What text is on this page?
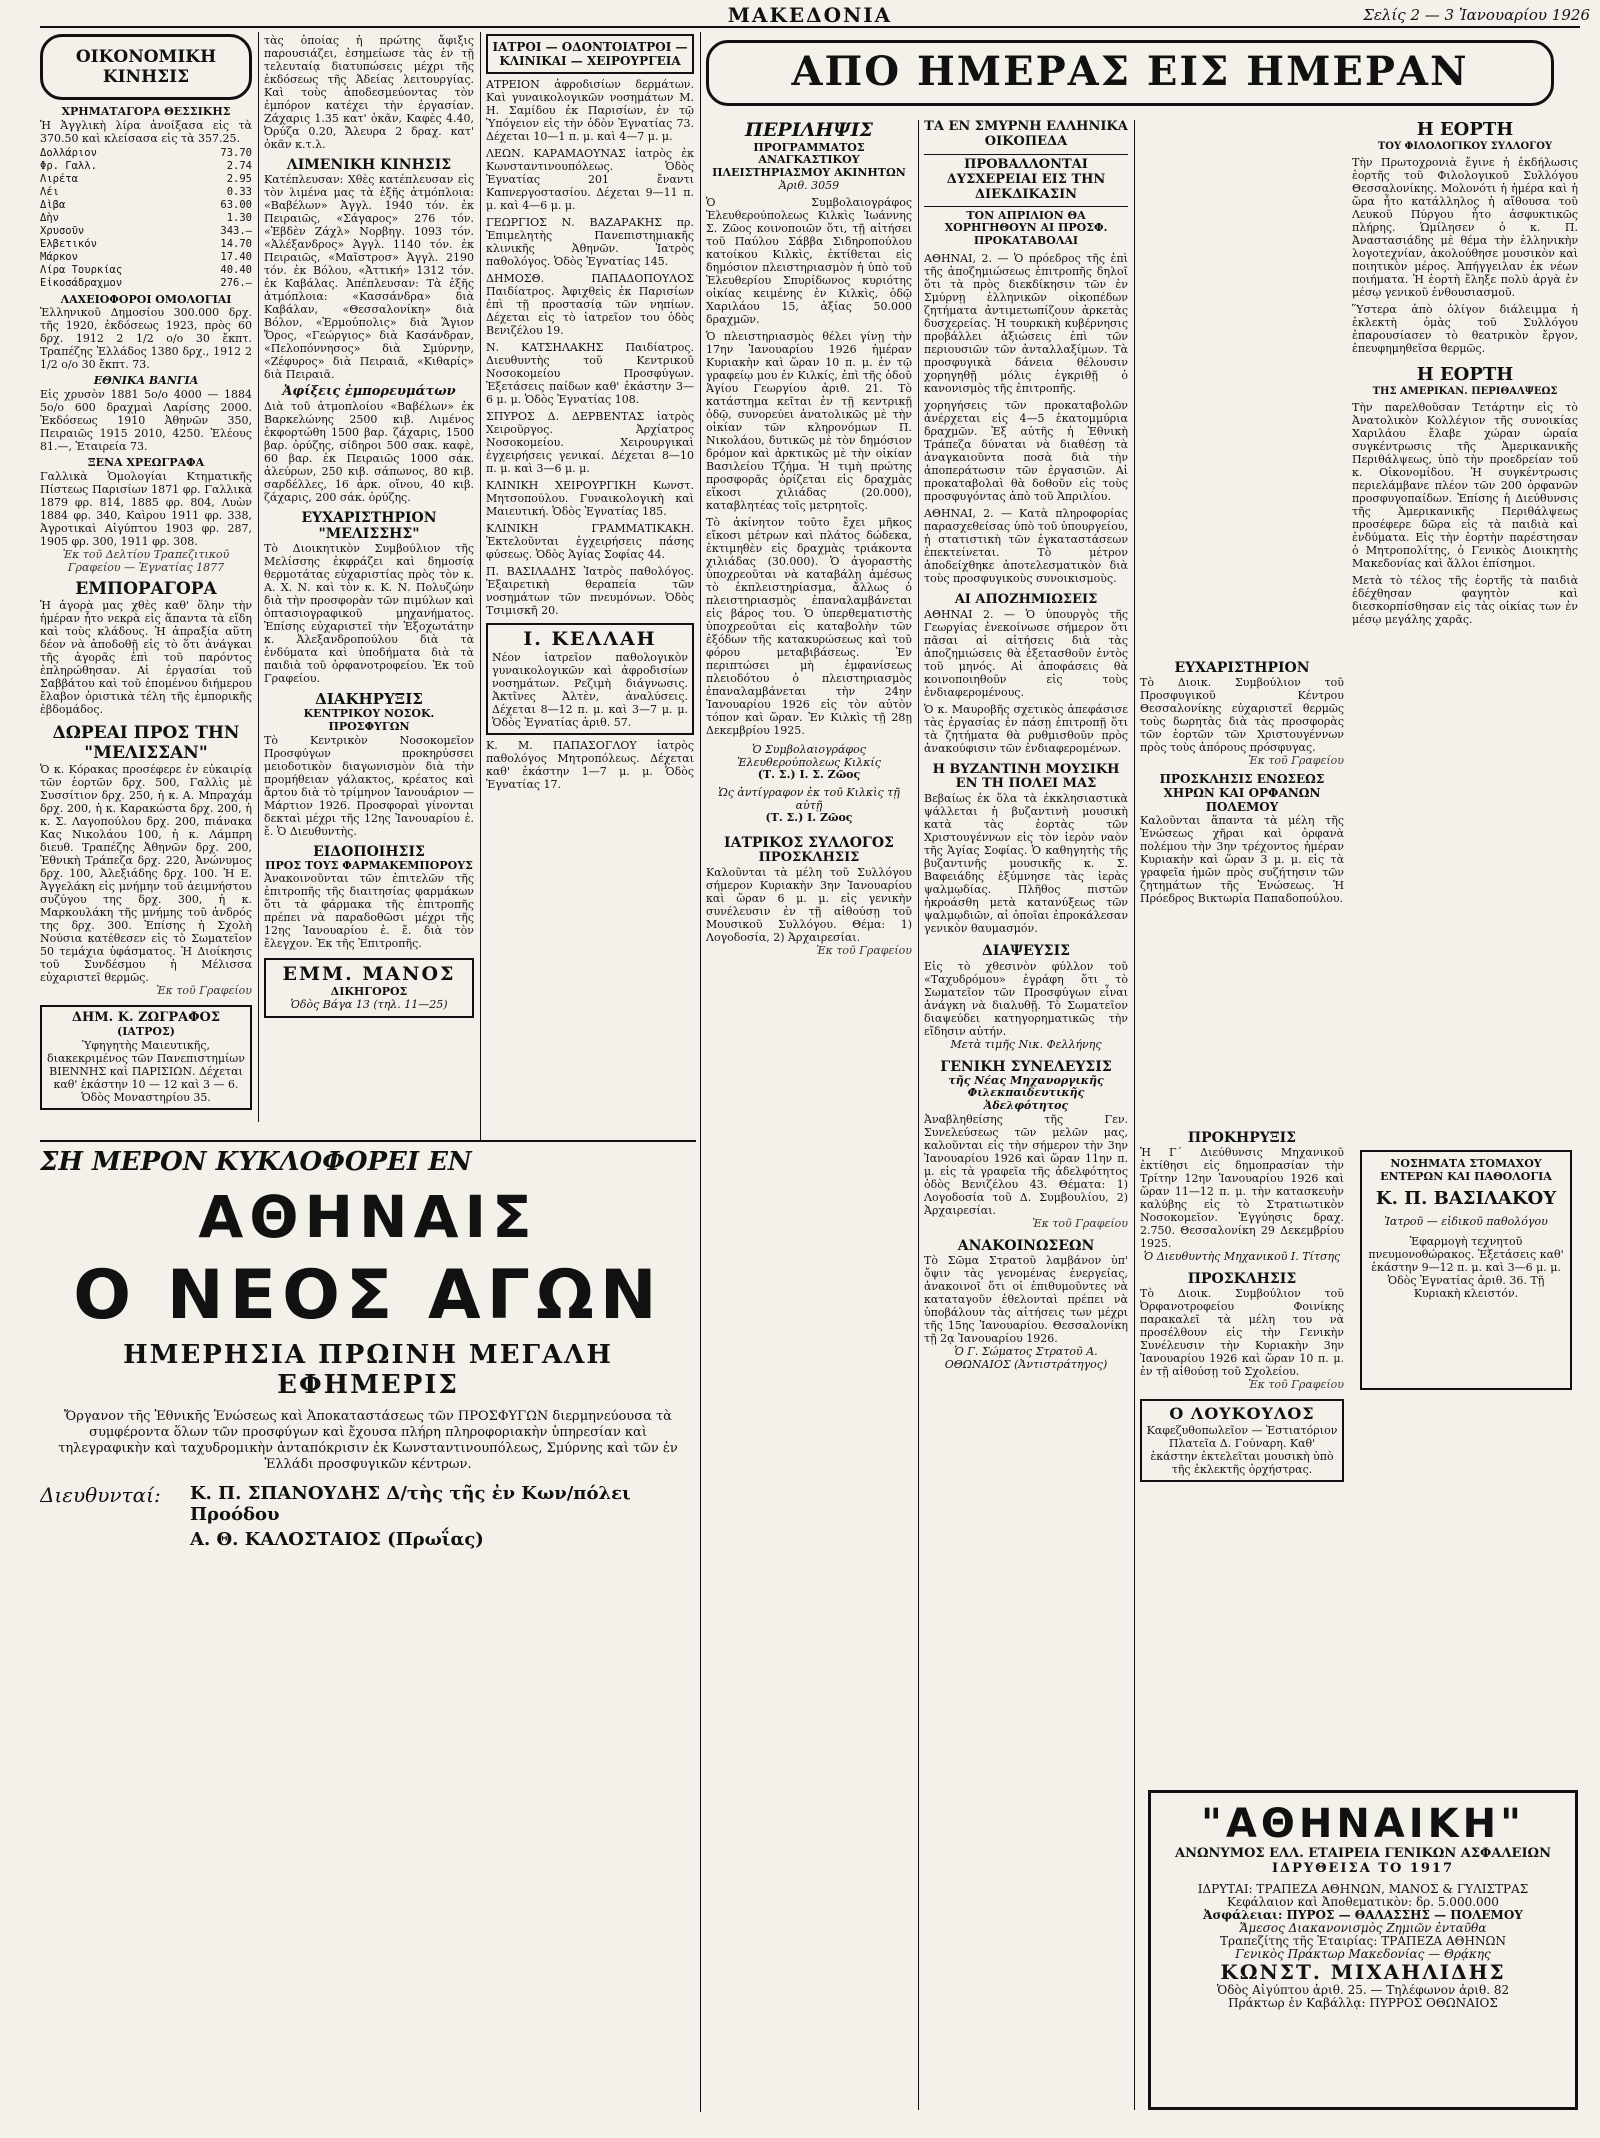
ΜΑΚΕΔΟΝΙΑ	Σελίς 2 — 3 Ἰανουαρίου 1926
ΟΙΚΟΝΟΜΙΚΗ ΚΙΝΗΣΙΣ
ΧΡΗΜΑΤΑΓΟΡΑ ΘΕΣΣΙΚΗΣ
Ἡ Ἀγγλικὴ λίρα ἀνοίξασα εἰς τὰ 370.50 καὶ κλείσασα εἰς τὰ 357.25.
Δολλάριον	73.70
Φρ. Γαλλ.	2.74
Λιρέτα	2.95
Λέι	0.33
Δὶβα	63.00
Δὴν	1.30
Χρυσοῦν	343.—
Ἑλβετικόν	14.70
Μάρκον	17.40
Λίρα Τουρκίας	40.40
Εἰκοσάδραχμον	276.—
ΛΑΧΕΙΟΦΟΡΟΙ ΟΜΟΛΟΓΙΑΙ
Ἑλληνικοῦ Δημοσίου 300.000 δρχ. τῆς 1920, ἐκδόσεως 1923, πρὸς 60 δρχ. 1912 2 1/2 ο/ο 30 ἔκπτ. Τραπέζης Ἑλλάδος 1380 δρχ., 1912 2 1/2 ο/ο 30 ἔκπτ. 73.
ΕΘΝΙΚΑ ΒΑΝΓΙΑ
Εἰς χρυσὸν 1881 5ο/ο 4000 — 1884 5ο/ο 600 δραχμαὶ Λαρίσης 2000. Ἐκδόσεως 1910 Ἀθηνῶν 350, Πειραιῶς 1915 2010, 4250. Ἐλέους 81.—, Ἑταιρεία 73.
ΞΕΝΑ ΧΡΕΩΓΡΑΦΑ
Γαλλικὰ Ὁμολογίαι Κτηματικῆς Πίστεως Παρισίων 1871 φρ. Γαλλικὰ 1879 φρ. 814, 1885 φρ. 804, Λυὼν 1884 φρ. 340, Καὶρου 1911 φρ. 338, Ἀγροτικαὶ Αἰγύπτου 1903 φρ. 287, 1905 φρ. 300, 1911 φρ. 308.
Ἐκ τοῦ Δελτίου Τραπεζιτικοῦ Γραφείου — Ἐγνατίας 1877
ΕΜΠΟΡΑΓΟΡΑ
Ἡ ἀγορὰ μας χθὲς καθ' ὅλην τὴν ἡμέραν ἦτο νεκρὰ εἰς ἅπαντα τὰ εἴδη καὶ τοὺς κλάδους. Ἡ ἀπραξία αὕτη δέον νὰ ἀποδοθῇ εἰς τὸ ὅτι ἀνάγκαι τῆς ἀγορᾶς ἐπὶ τοῦ παρόντος ἐπληρώθησαν. Αἱ ἐργασίαι τοῦ Σαββάτου καὶ τοῦ ἐπομένου διήμερου ἔλαβον ὁριστικὰ τέλη τῆς ἐμπορικῆς ἐβδομάδος.
ΔΩΡΕΑΙ ΠΡΟΣ ΤΗΝ "ΜΕΛΙΣΣΑΝ"
Ὁ κ. Κόρακας προσέφερε ἐν εὐκαιρίᾳ τῶν ἑορτῶν δρχ. 500, Γαλλὶς μὲ Συσσίτιον δρχ. 250, ἡ κ. Α. Μπραχάμ δρχ. 200, ἡ κ. Καρακώστα δρχ. 200, ἡ κ. Σ. Λαγοπούλου δρχ. 200, πιάνακα Κας Νικολάου 100, ἡ κ. Λάμπρη διευθ. Τραπέζης Ἀθηνῶν δρχ. 200, Ἐθνικὴ Τράπεζα δρχ. 220, Ἀνώνυμος δρχ. 100, Ἀλεξιάδης δρχ. 100. Ἡ Ε. Ἀγγελάκη εἰς μνήμην τοῦ ἀειμνήστου συζύγου της δρχ. 300, ἡ κ. Μαρκουλάκη τῆς μνήμης τοῦ ἀνδρός της δρχ. 300. Ἐπίσης ἡ Σχολὴ Νούσια κατέθεσεν εἰς τὸ Σωματεῖον 50 τεμάχια ὑφάσματος. Ἡ Διοίκησις τοῦ Συνδέσμου ἡ Μέλισσα εὐχαριστεῖ θερμῶς.
Ἐκ τοῦ Γραφείου
ΔΗΜ. Κ. ΖΩΓΡΑΦΟΣ
(ΙΑΤΡΟΣ)
Ὑφηγητὴς Μαιευτικῆς, διακεκριμένος τῶν Πανεπιστημίων ΒΙΕΝΝΗΣ καὶ ΠΑΡΙΣΙΩΝ. Δέχεται καθ' ἑκάστην 10 — 12 καὶ 3 — 6. Ὁδὸς Μοναστηρίου 35.
τὰς ὁποίας ἡ πρώτης ἄφιξις παρουσιάζει, ἐσημείωσε τὰς ἐν τῇ τελευταίᾳ διατυπώσεις μέχρι τῆς ἐκδόσεως τῆς Ἀδείας λειτουργίας. Καὶ τοὺς ἀποδεσμεύοντας τὸν ἐμπόρον κατέχει τὴν ἐργασίαν. Ζάχαρις 1.35 κατ' ὀκᾶν, Καφὲς 4.40, Ὀρύζα 0.20, Ἄλευρα 2 δραχ. κατ' ὀκᾶν κ.τ.λ.
ΛΙΜΕΝΙΚΗ ΚΙΝΗΣΙΣ
Κατέπλευσαν: Χθὲς κατέπλευσαν εἰς τὸν λιμένα μας τὰ ἑξῆς ἀτμόπλοια: «Βαβέλων» Ἀγγλ. 1940 τόν. ἐκ Πειραιῶς, «Σάγαρος» 276 τόν. «Ἐβδὲν Ζάχλ» Νορβηγ. 1093 τόν. «Ἀλέξανδρος» Ἀγγλ. 1140 τόν. ἐκ Πειραιῶς, «Μαῖστροσ» Ἀγγλ. 2190 τόν. ἐκ Βόλου, «Ἀττική» 1312 τόν. ἐκ Καβάλας. Ἀπέπλευσαν: Τὰ ἑξῆς ἀτμόπλοια: «Κασσάνδρα» διὰ Καβάλαν, «Θεσσαλονίκη» διὰ Βόλον, «Ἑρμούπολις» διὰ Ἅγιον Ὄρος, «Γεώργιος» διὰ Κασάνδραν, «Πελοπόννησος» διὰ Σμύρνην, «Ζέφυρος» διὰ Πειραιᾶ, «Κιθαρίς» διὰ Πειραιᾶ.
Ἀφίξεις ἐμπορευμάτων
Διὰ τοῦ ἀτμοπλοίου «Βαβέλων» ἐκ Βαρκελώνης 2500 κιβ. Λιμένος ἐκφορτώθη 1500 βαρ. ζάχαρις, 1500 βαρ. ὀρύζης, σίδηροι 500 σακ. καφὲ, 60 βαρ. ἐκ Πειραιῶς 1000 σάκ. ἀλεύρων, 250 κιβ. σάπωνος, 80 κιβ. σαρδέλλες, 16 ἀρκ. οἴνου, 40 κιβ. ζάχαρις, 200 σάκ. ὀρύζης.
ΕΥΧΑΡΙΣΤΗΡΙΟΝ "ΜΕΛΙΣΣΗΣ"
Τὸ Διοικητικὸν Συμβούλιον τῆς Μελίσσης ἐκφράζει καὶ δημοσίᾳ θερμοτάτας εὐχαριστίας πρὸς τὸν κ. Α. Χ. Ν. καὶ τὸν κ. Κ. Ν. Πολυζώην διὰ τὴν προσφορὰν τῶν πιμύλων καὶ ὀπτασιογραφικοῦ μηχανήματος. Ἐπίσης εὐχαριστεῖ τὴν Ἐξοχωτάτην κ. Ἀλεξανδροπούλου διὰ τὰ ἐνδύματα καὶ ὑποδήματα διὰ τὰ παιδιὰ τοῦ ὀρφανοτροφείου. Ἐκ τοῦ Γραφείου.
ΔΙΑΚΗΡΥΞΙΣ
ΚΕΝΤΡΙΚΟΥ ΝΟΣΟΚ. ΠΡΟΣΦΥΓΩΝ
Τὸ Κεντρικὸν Νοσοκομεῖον Προσφύγων προκηρύσσει μειοδοτικὸν διαγωνισμὸν διὰ τὴν προμήθειαν γάλακτος, κρέατος καὶ ἄρτου διὰ τὸ τρίμηνον Ἰανουάριον — Μάρτιον 1926. Προσφοραὶ γίνονται δεκταὶ μέχρι τῆς 12ης Ἰανουαρίου ἐ. ἔ. Ὁ Διευθυντὴς.
ΕΙΔΟΠΟΙΗΣΙΣ
ΠΡΟΣ ΤΟΥΣ ΦΑΡΜΑΚΕΜΠΟΡΟΥΣ
Ἀνακοινοῦνται τῶν ἐπιτελῶν τῆς ἐπιτροπῆς τῆς διαιτησίας φαρμάκων ὅτι τὰ φάρμακα τῆς ἐπιτροπῆς πρέπει νὰ παραδοθῶσι μέχρι τῆς 12ης Ἰανουαρίου ἐ. ἔ. διὰ τὸν ἔλεγχον. Ἐκ τῆς Ἐπιτροπῆς.
ΕΜΜ. ΜΑΝΟΣ
ΔΙΚΗΓΟΡΟΣ
Ὁδὸς Βάγα 13 (τηλ. 11—25)
ΙΑΤΡΟΙ — ΟΔΟΝΤΟΙΑΤΡΟΙ — ΚΛΙΝΙΚΑΙ — ΧΕΙΡΟΥΡΓΕΙΑ
ΑΤΡΕΙΟΝ ἀφροδισίων δερμάτων. Καὶ γυναικολογικῶν νοσημάτων Μ. Η. Σαμίδου ἐκ Παρισίων, ἐν τῷ Ὑπόγειον εἰς τὴν ὁδὸν Ἐγνατίας 73. Δέχεται 10—1 π. μ. καὶ 4—7 μ. μ.
ΛΕΩΝ. ΚΑΡΑΜΑΟΥΝΑΣ ἰατρὸς ἐκ Κωνσταντινουπόλεως. Ὁδὸς Ἐγνατίας 201 ἔναντι Καπνεργοστασίου. Δέχεται 9—11 π. μ. καὶ 4—6 μ. μ.
ΓΕΩΡΓΙΟΣ Ν. ΒΑΖΑΡΑΚΗΣ πρ. Ἐπιμελητὴς Πανεπιστημιακῆς κλινικῆς Ἀθηνῶν. Ἰατρὸς παθολόγος. Ὁδὸς Ἐγνατίας 145.
ΔΗΜΟΣΘ. ΠΑΠΑΔΟΠΟΥΛΟΣ Παιδίατρος. Ἀφιχθεὶς ἐκ Παρισίων ἐπὶ τῇ προστασίᾳ τῶν νηπίων. Δέχεται εἰς τὸ ἰατρεῖον του ὁδὸς Βενιζέλου 19.
Ν. ΚΑΤΣΗΛΑΚΗΣ Παιδίατρος. Διευθυντὴς τοῦ Κεντρικοῦ Νοσοκομείου Προσφύγων. Ἐξετάσεις παίδων καθ' ἑκάστην 3—6 μ. μ. Ὁδὸς Ἐγνατίας 108.
ΣΠΥΡΟΣ Δ. ΔΕΡΒΕΝΤΑΣ ἰατρὸς Χειροῦργος. Ἀρχίατρος Νοσοκομείου. Χειρουργικαὶ ἐγχειρήσεις γενικαί. Δέχεται 8—10 π. μ. καὶ 3—6 μ. μ.
ΚΛΙΝΙΚΗ ΧΕΙΡΟΥΡΓΙΚΗ Κωνστ. Μητσοπούλου. Γυναικολογικὴ καὶ Μαιευτική. Ὁδὸς Ἐγνατίας 185.
ΚΛΙΝΙΚΗ ΓΡΑΜΜΑΤΙΚΑΚΗ. Ἐκτελοῦνται ἐγχειρήσεις πάσης φύσεως. Ὁδὸς Ἁγίας Σοφίας 44.
Π. ΒΑΣΙΛΑΔΗΣ Ἰατρὸς παθολόγος. Ἐξαιρετικὴ θεραπεία τῶν νοσημάτων τῶν πνευμόνων. Ὁδὸς Τσιμισκῆ 20.
Ι. ΚΕΛΛΑΗ
Νέον ἰατρεῖον παθολογικὸν γυναικολογικῶν καὶ ἀφροδισίων νοσημάτων. Ρεζιμὴ διάγνωσις. Ἀκτῖνες Ἀλτὲν, ἀναλύσεις. Δέχεται 8—12 π. μ. καὶ 3—7 μ. μ. Ὁδὸς Ἐγνατίας ἀριθ. 57.
Κ. Μ. ΠΑΠΑΣΟΓΛΟΥ ἰατρὸς παθολόγος Μητροπόλεως. Δέχεται καθ' ἑκάστην 1—7 μ. μ. Ὁδὸς Ἐγνατίας 17.
ΑΠΟ ΗΜΕΡΑΣ ΕΙΣ ΗΜΕΡΑΝ
ΠΕΡΙΛΗΨΙΣ
ΠΡΟΓΡΑΜΜΑΤΟΣ ΑΝΑΓΚΑΣΤΙΚΟΥ ΠΛΕΙΣΤΗΡΙΑΣΜΟΥ ΑΚΙΝΗΤΩΝ
Ἀριθ. 3059
Ὁ Συμβολαιογράφος Ἐλευθερούπολεως Κιλκὶς Ἰωάννης Σ. Ζῶος κοινοποιῶν ὅτι, τῇ αἰτήσει τοῦ Παύλου Σάββα Σιδηροπούλου κατοίκου Κιλκὶς, ἐκτίθεται εἰς δημόσιον πλειστηριασμὸν ἡ ὑπὸ τοῦ Ἐλευθερίου Σπυρίδωνος κυριότης οἰκίας κειμένης ἐν Κιλκὶς, ὁδῷ Χαριλάου 15, ἀξίας 50.000 δραχμῶν.
Ὁ πλειστηριασμὸς θέλει γίνῃ τὴν 17ην Ἰανουαρίου 1926 ἡμέραν Κυριακὴν καὶ ὥραν 10 π. μ. ἐν τῷ γραφείῳ μου ἐν Κιλκίς, ἐπὶ τῆς ὁδοῦ Ἁγίου Γεωργίου ἀριθ. 21. Τὸ κατάστημα κεῖται ἐν τῇ κεντρικῇ ὁδῷ, συνορεύει ἀνατολικῶς μὲ τὴν οἰκίαν τῶν κληρονόμων Π. Νικολάου, δυτικῶς μὲ τὸν δημόσιον δρόμον καὶ ἀρκτικῶς μὲ τὴν οἰκίαν Βασιλείου Τζήμα. Ἡ τιμὴ πρώτης προσφορᾶς ὁρίζεται εἰς δραχμὰς εἴκοσι χιλιάδας (20.000), καταβλητέας τοῖς μετρητοῖς.
Τὸ ἀκίνητον τοῦτο ἔχει μῆκος εἴκοσι μέτρων καὶ πλάτος δώδεκα, ἐκτιμηθὲν εἰς δραχμὰς τριάκοντα χιλιάδας (30.000). Ὁ ἀγοραστὴς ὑποχρεοῦται νὰ καταβάλῃ ἀμέσως τὸ ἐκπλειστηρίασμα, ἄλλως ὁ πλειστηριασμὸς ἐπαναλαμβάνεται εἰς βάρος του. Ὁ ὑπερθεματιστὴς ὑποχρεοῦται εἰς καταβολὴν τῶν ἐξόδων τῆς κατακυρώσεως καὶ τοῦ φόρου μεταβιβάσεως. Ἐν περιπτώσει μὴ ἐμφανίσεως πλειοδότου ὁ πλειστηριασμὸς ἐπαναλαμβάνεται τὴν 24ην Ἰανουαρίου 1926 εἰς τὸν αὐτὸν τόπον καὶ ὥραν. Ἐν Κιλκὶς τῇ 28ῃ Δεκεμβρίου 1925.
Ὁ Συμβολαιογράφος Ἐλευθερούπολεως Κιλκίς
(Τ. Σ.) Ι. Σ. Ζῶος
Ὡς ἀντίγραφον ἐκ τοῦ Κιλκὶς τῇ αὐτῇ
(Τ. Σ.) Ι. Ζῶος
ΙΑΤΡΙΚΟΣ ΣΥΛΛΟΓΟΣ
ΠΡΟΣΚΛΗΣΙΣ
Καλοῦνται τὰ μέλη τοῦ Συλλόγου σήμερον Κυριακὴν 3ην Ἰανουαρίου καὶ ὥραν 6 μ. μ. εἰς γενικὴν συνέλευσιν ἐν τῇ αἰθούσῃ τοῦ Μουσικοῦ Συλλόγου. Θέμα: 1) Λογοδοσία, 2) Ἀρχαιρεσίαι.
Ἐκ τοῦ Γραφείου
ΤΑ ΕΝ ΣΜΥΡΝΗ ΕΛΛΗΝΙΚΑ ΟΙΚΟΠΕΔΑ
ΠΡΟΒΑΛΛΟΝΤΑΙ ΔΥΣΧΕΡΕΙΑΙ ΕΙΣ ΤΗΝ ΔΙΕΚΔΙΚΑΣΙΝ
ΤΟΝ ΑΠΡΙΛΙΟΝ ΘΑ ΧΟΡΗΓΗΘΟΥΝ ΑΙ ΠΡΟΣΦ. ΠΡΟΚΑΤΑΒΟΛΑΙ
ΑΘΗΝΑΙ, 2. — Ὁ πρόεδρος τῆς ἐπὶ τῆς ἀποζημιώσεως ἐπιτροπῆς δηλοῖ ὅτι τὰ πρὸς διεκδίκησιν τῶν ἐν Σμύρνῃ ἑλληνικῶν οἰκοπέδων ζητήματα ἀντιμετωπίζουν ἀρκετὰς δυσχερείας. Ἡ τουρκικὴ κυβέρνησις προβάλλει ἀξιώσεις ἐπὶ τῶν περιουσιῶν τῶν ἀνταλλαξίμων. Τὰ προσφυγικὰ δάνεια θέλουσιν χορηγηθῇ μόλις ἐγκριθῇ ὁ κανονισμὸς τῆς ἐπιτροπῆς.
χορηγήσεις τῶν προκαταβολῶν ἀνέρχεται εἰς 4—5 ἑκατομμύρια δραχμῶν. Ἐξ αὐτῆς ἡ Ἐθνικὴ Τράπεζα δύναται νὰ διαθέσῃ τὰ ἀναγκαιοῦντα ποσὰ διὰ τὴν ἀποπεράτωσιν τῶν ἐργασιῶν. Αἱ προκαταβολαὶ θὰ δοθοῦν εἰς τοὺς προσφυγόντας ἀπὸ τοῦ Ἀπριλίου.
ΑΘΗΝΑΙ, 2. — Κατὰ πληροφορίας παρασχεθείσας ὑπὸ τοῦ ὑπουργείου, ἡ στατιστικὴ τῶν ἐγκαταστάσεων ἐπεκτείνεται. Τὸ μέτρον ἀποδείχθηκε ἀποτελεσματικὸν διὰ τοὺς προσφυγικοὺς συνοικισμοὺς.
ΑΙ ΑΠΟΖΗΜΙΩΣΕΙΣ
ΑΘΗΝΑΙ 2. — Ὁ ὑπουργὸς τῆς Γεωργίας ἐνεκοίνωσε σήμερον ὅτι πᾶσαι αἱ αἰτήσεις διὰ τὰς ἀποζημιώσεις θὰ ἐξετασθοῦν ἐντὸς τοῦ μηνός. Αἱ ἀποφάσεις θὰ κοινοποιηθοῦν εἰς τοὺς ἐνδιαφερομένους.
Ὁ κ. Μαυροβῆς σχετικὸς ἀπεφάσισε τὰς ἐργασίας ἐν πάσῃ ἐπιτροπῇ ὅτι τὰ ζητήματα θὰ ρυθμισθοῦν πρὸς ἀνακούφισιν τῶν ἐνδιαφερομένων.
Η ΒΥΖΑΝΤΙΝΗ ΜΟΥΣΙΚΗ ΕΝ ΤΗ ΠΟΛΕΙ ΜΑΣ
Βεβαίως ἐκ ὅλα τὰ ἐκκλησιαστικὰ ψάλλεται ἡ βυζαντινὴ μουσικὴ κατὰ τὰς ἑορτὰς τῶν Χριστουγέννων εἰς τὸν ἱερὸν ναὸν τῆς Ἁγίας Σοφίας. Ὁ καθηγητὴς τῆς βυζαντινῆς μουσικῆς κ. Σ. Βαφειάδης ἐξύμνησε τὰς ἱερὰς ψαλμῳδίας. Πλῆθος πιστῶν ἠκροάσθη μετὰ κατανύξεως τῶν ψαλμῳδιῶν, αἱ ὁποῖαι ἐπροκάλεσαν γενικὸν θαυμασμόν.
ΔΙΑΨΕΥΣΙΣ
Εἰς τὸ χθεσινὸν φύλλον τοῦ «Ταχυδρόμου» ἐγράφη ὅτι τὸ Σωματεῖον τῶν Προσφύγων εἶναι ἀνάγκη νὰ διαλυθῇ. Τὸ Σωματεῖον διαψεύδει κατηγορηματικῶς τὴν εἴδησιν αὐτήν.
Μετὰ τιμῆς Νικ. Φελλήνης
ΓΕΝΙΚΗ ΣΥΝΕΛΕΥΣΙΣ
τῆς Νέας Μηχανοργικῆς Φιλεκπαιδευτικῆς Ἀδελφότητος
Ἀναβληθείσης τῆς Γεν. Συνελεύσεως τῶν μελῶν μας, καλοῦνται εἰς τὴν σήμερον τὴν 3ην Ἰανουαρίου 1926 καὶ ὥραν 11ην π. μ. εἰς τὰ γραφεῖα τῆς ἀδελφότητος ὁδὸς Βενιζέλου 43. Θέματα: 1) Λογοδοσία τοῦ Δ. Συμβουλίου, 2) Ἀρχαιρεσίαι.
Ἐκ τοῦ Γραφείου
ΑΝΑΚΟΙΝΩΣΕΩΝ
Τὸ Σῶμα Στρατοῦ λαμβάνον ὑπ' ὄψιν τὰς γενομένας ἐνεργείας, ἀνακοινοῖ ὅτι οἱ ἐπιθυμοῦντες νὰ καταταγοῦν ἐθελονταὶ πρέπει νὰ ὑποβάλουν τὰς αἰτήσεις των μέχρι τῆς 15ης Ἰανουαρίου. Θεσσαλονίκη τῇ 2ᾳ Ἰανουαρίου 1926.
Ὁ Γ. Σώματος Στρατοῦ Α. ΟΘΩΝΑΙΟΣ (Ἀντιστράτηγος)
ΕΥΧΑΡΙΣΤΗΡΙΟΝ
Τὸ Διοικ. Συμβούλιον τοῦ Προσφυγικοῦ Κέντρου Θεσσαλονίκης εὐχαριστεῖ θερμῶς τοὺς δωρητὰς διὰ τὰς προσφορὰς τῶν ἑορτῶν τῶν Χριστουγέννων πρὸς τοὺς ἀπόρους πρόσφυγας.
Ἐκ τοῦ Γραφείου
ΠΡΟΣΚΛΗΣΙΣ ΕΝΩΣΕΩΣ ΧΗΡΩΝ ΚΑΙ ΟΡΦΑΝΩΝ ΠΟΛΕΜΟΥ
Καλοῦνται ἅπαντα τὰ μέλη τῆς Ἑνώσεως χῆραι καὶ ὀρφανὰ πολέμου τὴν 3ην τρέχοντος ἡμέραν Κυριακὴν καὶ ὥραν 3 μ. μ. εἰς τὰ γραφεῖα ἡμῶν πρὸς συζήτησιν τῶν ζητημάτων τῆς Ἑνώσεως. Ἡ Πρόεδρος Βικτωρία Παπαδοπούλου.
ΠΡΟΚΗΡΥΞΙΣ
Ἡ Γ΄ Διεύθυνσις Μηχανικοῦ ἐκτίθησι εἰς δημοπρασίαν τὴν Τρίτην 12ην Ἰανουαρίου 1926 καὶ ὥραν 11—12 π. μ. τὴν κατασκευὴν καλύβης εἰς τὸ Στρατιωτικὸν Νοσοκομεῖον. Ἐγγύησις δραχ. 2.750. Θεσσαλονίκη 29 Δεκεμβρίου 1925.
Ὁ Διευθυντὴς Μηχανικοῦ Ι. Τίτσης
ΠΡΟΣΚΛΗΣΙΣ
Τὸ Διοικ. Συμβούλιον τοῦ Ὀρφανοτροφείου Φοινίκης παρακαλεῖ τὰ μέλη του νὰ προσέλθουν εἰς τὴν Γενικὴν Συνέλευσιν τὴν Κυριακὴν 3ην Ἰανουαρίου 1926 καὶ ὥραν 10 π. μ. ἐν τῇ αἰθούσῃ τοῦ Σχολείου.
Ἐκ τοῦ Γραφείου
Ο ΛΟΥΚΟΥΛΟΣ
Καφεζυθοπωλεῖον — Ἑστιατόριον Πλατεῖα Δ. Γούναρη. Καθ' ἑκάστην ἐκτελεῖται μουσικὴ ὑπὸ τῆς ἐκλεκτῆς ὀρχήστρας.
Η ΕΟΡΤΗ
ΤΟΥ ΦΙΛΟΛΟΓΙΚΟΥ ΣΥΛΛΟΓΟΥ
Τὴν Πρωτοχρονιὰ ἔγινε ἡ ἐκδήλωσις ἐορτῆς τοῦ Φιλολογικοῦ Συλλόγου Θεσσαλονίκης. Μολονότι ἡ ἡμέρα καὶ ἡ ὥρα ἦτο κατάλληλος ἡ αἴθουσα τοῦ Λευκοῦ Πύργου ἦτο ἀσφυκτικῶς πλήρης. Ὡμίλησεν ὁ κ. Π. Ἀναστασιάδης μὲ θέμα τὴν ἑλληνικὴν λογοτεχνίαν, ἀκολούθησε μουσικὸν καὶ ποιητικὸν μέρος. Ἀπήγγειλαν ἐκ νέων ποιήματα. Ἡ ἑορτὴ ἔληξε πολὺ ἀργὰ ἐν μέσῳ γενικοῦ ἐνθουσιασμοῦ.
Ὕστερα ἀπὸ ὀλίγον διάλειμμα ἡ ἐκλεκτὴ ὁμὰς τοῦ Συλλόγου ἐπαρουσίασεν τὸ θεατρικὸν ἔργον, ἐπευφημηθεῖσα θερμῶς.
Η ΕΟΡΤΗ
ΤΗΣ ΑΜΕΡΙΚΑΝ. ΠΕΡΙΘΑΛΨΕΩΣ
Τὴν παρελθοῦσαν Τετάρτην εἰς τὸ Ἀνατολικὸν Κολλέγιον τῆς συνοικίας Χαριλάου ἔλαβε χώραν ὡραία συγκέντρωσις τῆς Ἀμερικανικῆς Περιθάλψεως, ὑπὸ τὴν προεδρείαν τοῦ κ. Οἰκονομίδου. Ἡ συγκέντρωσις περιελάμβανε πλέον τῶν 200 ὀρφανῶν προσφυγοπαίδων. Ἐπίσης ἡ Διεύθυνσις τῆς Ἀμερικανικῆς Περιθάλψεως προσέφερε δῶρα εἰς τὰ παιδιὰ καὶ ἐνδύματα. Εἰς τὴν ἑορτὴν παρέστησαν ὁ Μητροπολίτης, ὁ Γενικὸς Διοικητὴς Μακεδονίας καὶ ἄλλοι ἐπίσημοι.
Μετὰ τὸ τέλος τῆς ἑορτῆς τὰ παιδιὰ ἐδέχθησαν φαγητὸν καὶ διεσκορπίσθησαν εἰς τὰς οἰκίας των ἐν μέσῳ μεγάλης χαρᾶς.
ΝΟΣΗΜΑΤΑ ΣΤΟΜΑΧΟΥ ΕΝΤΕΡΩΝ ΚΑΙ ΠΑΘΟΛΟΓΙΑ
Κ. Π. ΒΑΣΙΛΑΚΟΥ
Ἰατροῦ — εἰδικοῦ παθολόγου
Ἐφαρμογὴ τεχνητοῦ πνευμονοθώρακος. Ἐξετάσεις καθ' ἑκάστην 9—12 π. μ. καὶ 3—6 μ. μ. Ὁδὸς Ἐγνατίας ἀριθ. 36. Τῇ Κυριακὴ κλειστόν.
ΣΗ ΜΕΡΟΝ ΚΥΚΛΟΦΟΡΕΙ ΕΝ
ΑΘΗΝΑΙΣ
Ο ΝΕΟΣ ΑΓΩΝ
ΗΜΕΡΗΣΙΑ ΠΡΩΙΝΗ ΜΕΓΑΛΗ ΕΦΗΜΕΡΙΣ
Ὄργανον τῆς Ἐθνικῆς Ἑνώσεως καὶ Ἀποκαταστάσεως τῶν ΠΡΟΣΦΥΓΩΝ διερμηνεύουσα τὰ συμφέροντα ὅλων τῶν προσφύγων καὶ ἔχουσα πλήρη πληροφοριακὴν ὑπηρεσίαν καὶ τηλεγραφικὴν καὶ ταχυδρομικὴν ἀνταπόκρισιν ἐκ Κωνσταντινουπόλεως, Σμύρνης καὶ τῶν ἐν Ἑλλάδι προσφυγικῶν κέντρων.
Διευθυνταί:	Κ. Π. ΣΠΑΝΟΥΔΗΣ Δ/τὴς τῆς ἐν Κων/πόλει Προόδου
Α. Θ. ΚΑΛΟΣΤΑΙΟΣ (Πρωΐας)
"ΑΘΗΝΑΙΚΗ"
ΑΝΩΝΥΜΟΣ ΕΛΛ. ΕΤΑΙΡΕΙΑ ΓΕΝΙΚΩΝ ΑΣΦΑΛΕΙΩΝ
ΙΔΡΥΘΕΙΣΑ ΤΟ 1917
ΙΔΡΥΤΑΙ: ΤΡΑΠΕΖΑ ΑΘΗΝΩΝ, ΜΑΝΟΣ & ΓΥΛΙΣΤΡΑΣ
Κεφάλαιον καὶ Ἀποθεματικὸν: δρ. 5.000.000
Ἀσφάλειαι: ΠΥΡΟΣ — ΘΑΛΑΣΣΗΣ — ΠΟΛΕΜΟΥ
Ἄμεσος Διακανονισμὸς Ζημιῶν ἐνταῦθα
Τραπεζίτης τῆς Ἑταιρίας: ΤΡΑΠΕΖΑ ΑΘΗΝΩΝ
Γενικὸς Πράκτωρ Μακεδονίας — Θρᾴκης
ΚΩΝΣΤ. ΜΙΧΑΗΛΙΔΗΣ
Ὁδὸς Αἰγύπτου ἀριθ. 25. — Τηλέφωνον ἀριθ. 82
Πράκτωρ ἐν Καβάλλᾳ: ΠΥΡΡΟΣ ΟΘΩΝΑΙΟΣ
